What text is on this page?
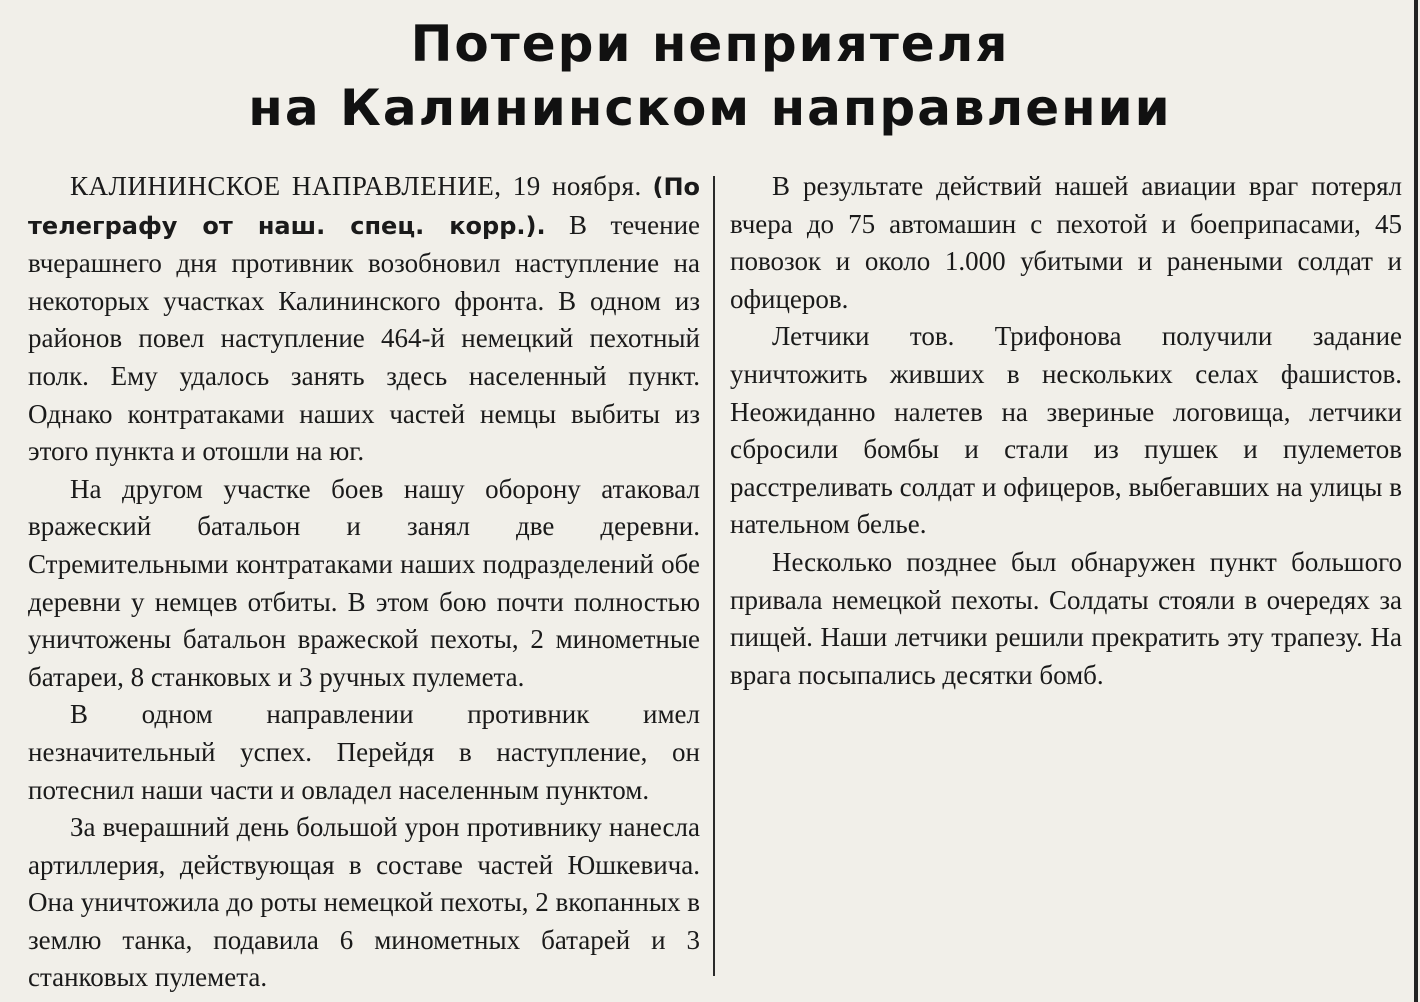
Потери неприятеля
на Калининском направлении

КАЛИНИНСКОЕ НАПРАВЛЕНИЕ, 19 ноября. (По телеграфу от наш. спец. корр.). В течение вчерашнего дня противник возобновил наступление на некоторых участках Калининского фронта. В одном из районов повел наступление 464-й немецкий пехотный полк. Ему удалось занять здесь населенный пункт. Однако контратаками наших частей немцы выбиты из этого пункта и отошли на юг.

На другом участке боев нашу оборону атаковал вражеский батальон и занял две деревни. Стремительными контратаками наших подразделений обе деревни у немцев отбиты. В этом бою почти полностью уничтожены батальон вражеской пехоты, 2 минометные батареи, 8 станковых и 3 ручных пулемета.

В одном направлении противник имел незначительный успех. Перейдя в наступление, он потеснил наши части и овладел населенным пунктом.

За вчерашний день большой урон противнику нанесла артиллерия, действующая в составе частей Юшкевича. Она уничтожила до роты немецкой пехоты, 2 вкопанных в землю танка, подавила 6 минометных батарей и 3 станковых пулемета.

В результате действий нашей авиации враг потерял вчера до 75 автомашин с пехотой и боеприпасами, 45 повозок и около 1.000 убитыми и ранеными солдат и офицеров.

Летчики тов. Трифонова получили задание уничтожить живших в нескольких селах фашистов. Неожиданно налетев на звериные логовища, летчики сбросили бомбы и стали из пушек и пулеметов расстреливать солдат и офицеров, выбегавших на улицы в нательном белье.

Несколько позднее был обнаружен пункт большого привала немецкой пехоты. Солдаты стояли в очередях за пищей. Наши летчики решили прекратить эту трапезу. На врага посыпались десятки бомб.
